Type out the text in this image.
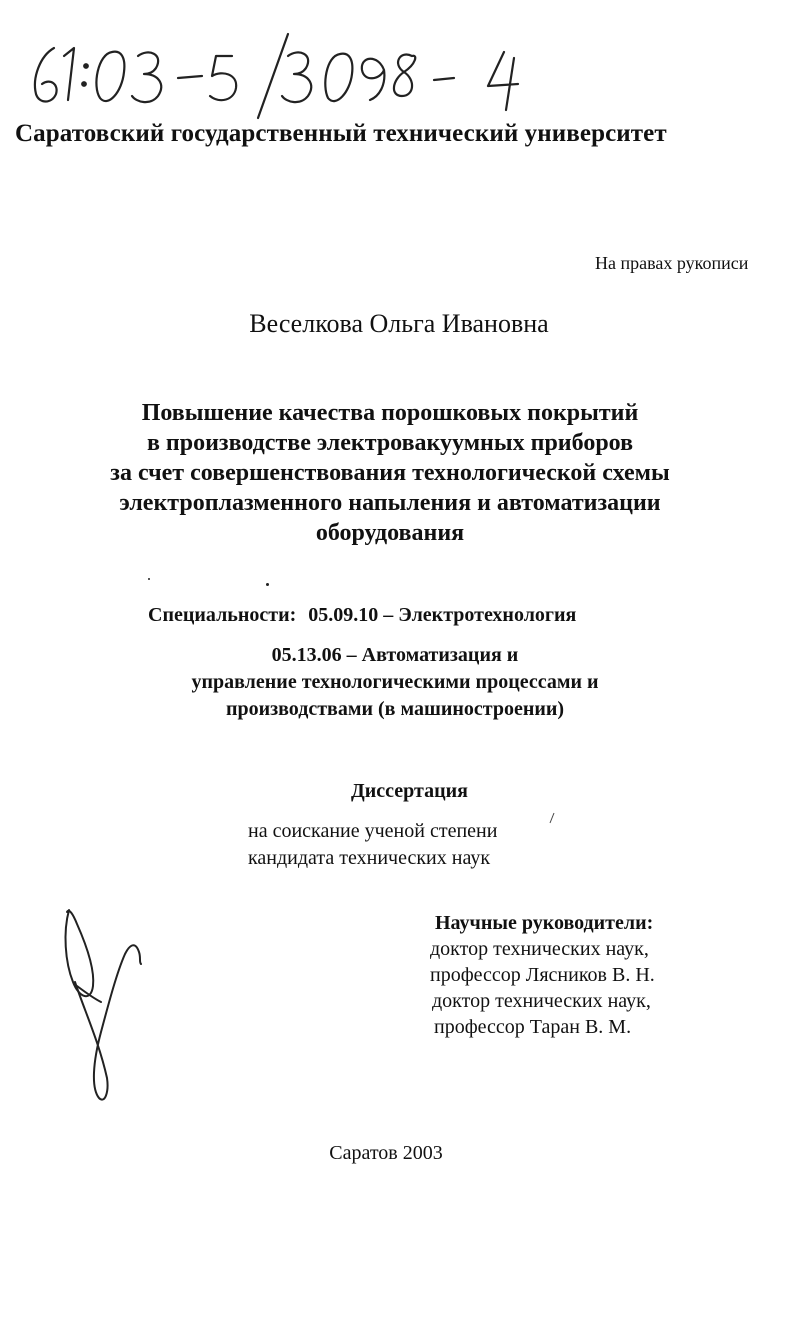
Саратовский государственный технический университет
На правах рукописи
Веселкова Ольга Ивановна
Повышение качества порошковых покрытий
в производстве электровакуумных приборов
за счет совершенствования технологической схемы
электроплазменного напыления и автоматизации
оборудования
Специальности: 05.09.10 – Электротехнология
05.13.06 – Автоматизация и
управление технологическими процессами и
производствами (в машиностроении)
Диссертация
на соискание ученой степени
кандидата технических наук
Научные руководители:
доктор технических наук,
профессор Лясников В. Н.
доктор технических наук,
профессор Таран В. М.
Саратов 2003
